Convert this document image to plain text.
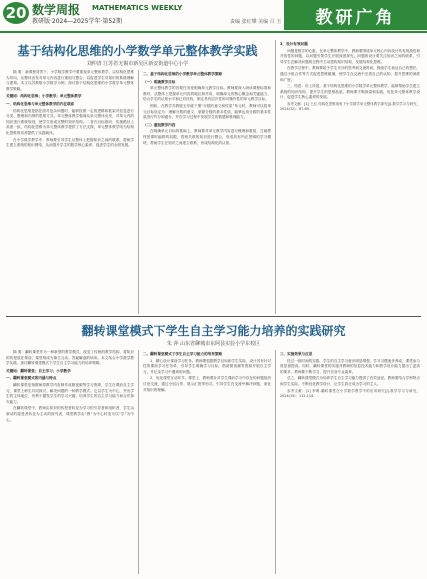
20 数学周报 MATHEMATICS WEEKLY
教研版·2024—2025学年·第52期	责编 张红攀 美编 吕 玉	教研广角
基于结构化思维的小学数学单元整体教学实践
刘仲清 江苏省无锡市新吴区新安街道中心小学

摘 要：新课程背景下，小学数学教学中要重视单元整体教学，以结构化思维为导向，从整体出发对单元内容进行重组与整合，以促进学生对知识的系统理解与建构。本文以苏教版小学数学为例，探讨基于结构化思维的小学数学单元整体教学策略。

关键词：结构化思维；小学数学；单元整体教学

一、结构化思维与单元整体教学的内在联系

结构化思维是指在面对复杂问题时，能够按照一定的逻辑和框架对信息进行分类、整理和归纳的思维方式。单元整体教学强调从单元整体出发，对单元内的知识进行系统规划，使学生形成完整的知识结构。二者在目标指向、实施路径上高度一致，结构化思维为单元整体教学提供了方法支撑，单元整体教学则为结构化思维的培养提供了实践载体。

在小学数学教学中，教师要引导学生从整体上把握知识之间的联系，帮助学生建立系统的知识网络，从而提升学生的数学核心素养，促进学生的全面发展。

二、基于结构化思维的小学数学单元整体教学策略

（一）明确教学目标

单元整体教学的首要任务是明确单元教学目标。教师要深入研读课程标准和教材，从整体上把握单元内容的地位和作用，明确单元的核心概念和关键能力，结合学生的认知水平和已有经验，制定具有层次性和可操作性的单元教学目标。

例如，在教学苏教版五年级下册“分数的意义和性质”单元时，教师可以将单元目标设定为：理解分数的意义，掌握分数的基本性质，能够运用分数的基本性质进行约分和通分，并在学习过程中发展学生的数感和推理能力。

（二）重组教学内容

在明确单元目标的基础上，教师要对单元教学内容进行梳理和重组，打破教材按课时编排的局限，将相关联的知识进行整合，形成具有内在逻辑的学习模块，帮助学生在知识之间建立联系，形成结构化的认知。

3．设计有效问题

问题是数学的心脏。在单元整体教学中，教师要围绕单元核心内容设计具有挑战性和开放性的问题，以问题引领学生开展深度探究。问题的设计要关注知识之间的联系，引导学生在解决问题的过程中主动建构知识结构，发展结构化思维。

在教学过程中，教师要给予学生充分的思考和交流时间，鼓励学生表达自己的想法，通过小组合作等方式促进思维碰撞，使学生在交流中完善自己的认知，提升思维的深度和广度。

三、结语：综上所述，基于结构化思维的小学数学单元整体教学，能够帮助学生建立系统的知识结构，提升学生的思维品质。教师要不断探索和实践，优化单元整体教学设计，促进学生核心素养的发展。

参考文献：[1] 王红.结构化思维视角下小学数学单元整体教学探究[J].数学学习与研究，2024(12)：67-69.

翻转课堂模式下学生自主学习能力培养的实践研究
朱 萍 山东省聊城市东阿县实验小学东校区

摘 要：翻转课堂作为一种新型的教学模式，改变了传统的教学结构，将知识的传授放在课前，课堂则成为师生互动、答疑解惑的场所。本文结合小学数学教学实践，探讨翻转课堂模式下学生自主学习能力的培养策略。

关键词：翻转课堂；自主学习；小学数学

一、翻转课堂模式的内涵与特点

翻转课堂是指教师将教学内容制作成微视频等学习资源，学生在课前自主学习，课堂上师生共同探讨、解决问题的一种教学模式。它以学生为中心，突出学生的主体地位，有利于激发学生的学习兴趣，培养学生的自主学习能力和合作探究能力。

在翻转课堂中，教师由知识的传授者转变为学习的引导者和组织者，学生由被动的接受者转变为主动的探究者，课堂教学由“教”为中心转变为以“学”为中心。

二、翻转课堂模式下学生自主学习能力的培养策略

1．精心设计课前学习任务。教师要根据教学目标和学生实际，设计具有针对性的课前学习任务单，引导学生明确学习目标，借助微视频等资源开展自主学习，并记录学习中遇到的问题。

2．优化课堂互动环节。课堂上，教师要针对学生课前学习中存在的问题组织讨论交流，通过小组合作、展示汇报等形式，引导学生在交流中解决问题，深化对知识的理解。

三、实施效果与反思

经过一段时间的实践，学生的自主学习意识明显增强，学习习惯逐步养成，课堂参与度显著提高。同时，翻转课堂的实施对教师的信息技术能力和教学设计能力提出了更高的要求，教师要不断学习，提升自身专业素养。

总之，翻转课堂模式为培养学生自主学习能力提供了有效途径。教师要结合学科特点和学生实际，不断优化教学设计，让学生真正成为学习的主人。

参考文献：[1] 李明.翻转课堂在小学数学教学中的应用研究[J].数学学习与研究，2024(15)：112-114.
